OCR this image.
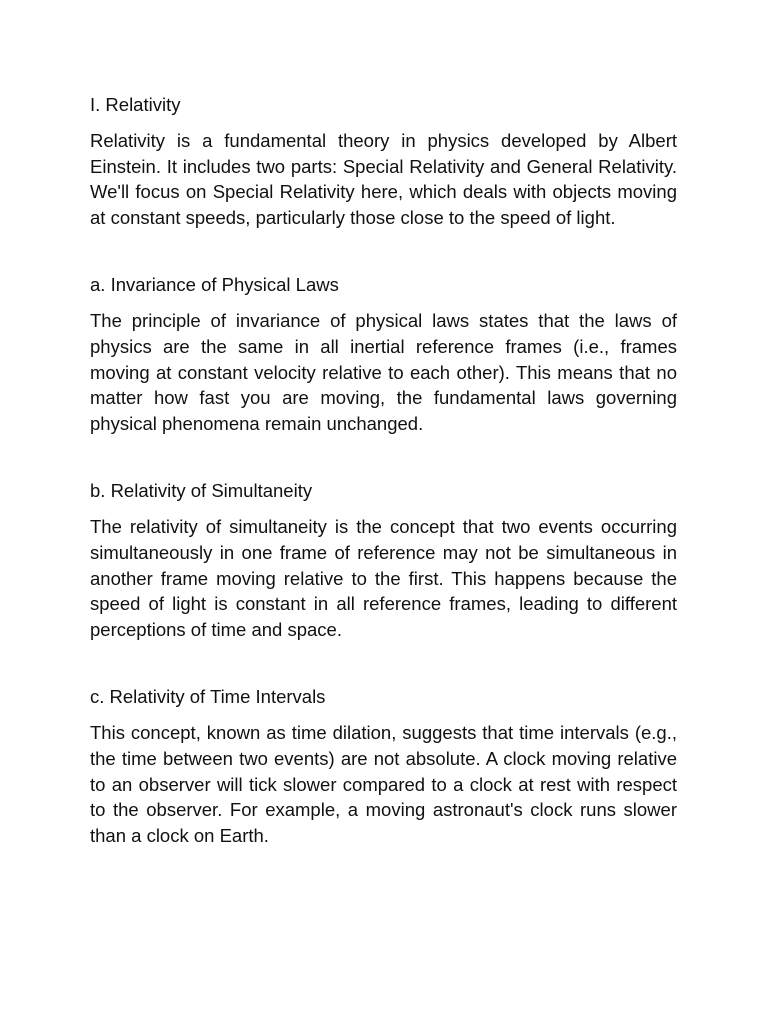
I. Relativity

Relativity is a fundamental theory in physics developed by Albert Einstein. It includes two parts: Special Relativity and General Relativity. We'll focus on Special Relativity here, which deals with objects moving at constant speeds, particularly those close to the speed of light.

a. Invariance of Physical Laws

The principle of invariance of physical laws states that the laws of physics are the same in all inertial reference frames (i.e., frames moving at constant velocity relative to each other). This means that no matter how fast you are moving, the fundamental laws governing physical phenomena remain unchanged.

b. Relativity of Simultaneity

The relativity of simultaneity is the concept that two events occurring simultaneously in one frame of reference may not be simultaneous in another frame moving relative to the first. This happens because the speed of light is constant in all reference frames, leading to different perceptions of time and space.

c. Relativity of Time Intervals

This concept, known as time dilation, suggests that time intervals (e.g., the time between two events) are not absolute. A clock moving relative to an observer will tick slower compared to a clock at rest with respect to the observer. For example, a moving astronaut's clock runs slower than a clock on Earth.
